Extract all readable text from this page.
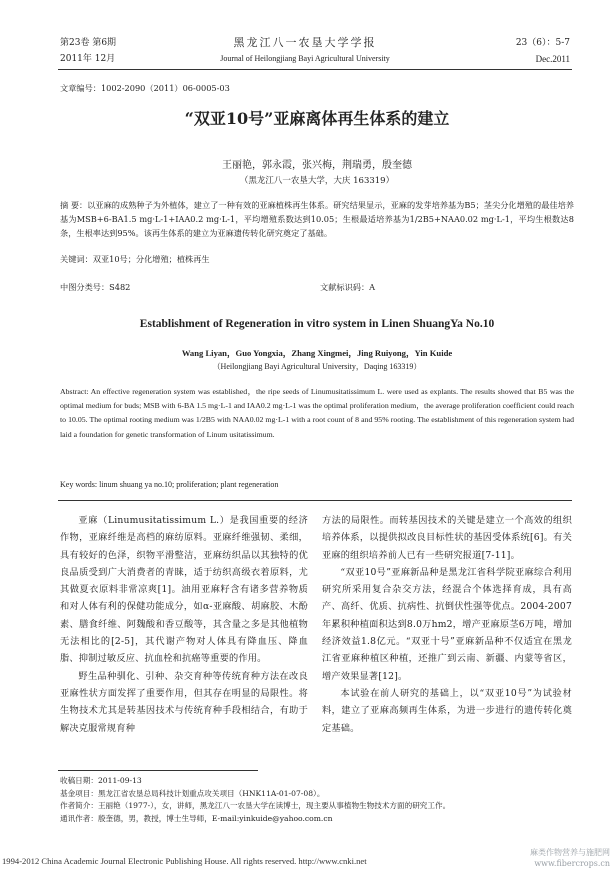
第23卷 第6期
2011年 12月
黑龙江八一农垦大学学报
Journal of Heilongjiang Bayi Agricultural University
23（6）：5-7
Dec.2011
文章编号：1002-2090（2011）06-0005-03
“双亚10号”亚麻离体再生体系的建立
王丽艳，郭永霞，张兴梅，荆瑞勇，殷奎德
（黑龙江八一农垦大学，大庆 163319）
摘 要：以亚麻的成熟种子为外植体，建立了一种有效的亚麻植株再生体系。研究结果显示，亚麻的发芽培养基为B5；茎尖分化增殖的最佳培养基为MSB+6-BA1.5 mg·L-1+IAA0.2 mg·L-1，平均增殖系数达到10.05；生根最适培养基为1/2B5+NAA0.02 mg·L-1，平均生根数达8条，生根率达到95%。该再生体系的建立为亚麻遗传转化研究奠定了基础。
关键词：双亚10号；分化增殖；植株再生
中图分类号：S482	文献标识码：A
Establishment of Regeneration in vitro system in Linen ShuangYa No.10
Wang Liyan，Guo Yongxia，Zhang Xingmei，Jing Ruiyong，Yin Kuide
（Heilongjiang Bayi Agricultural University，Daqing 163319）
Abstract: An effective regeneration system was established，the ripe seeds of Linumusitatissimum L. were used as explants. The results showed that B5 was the optimal medium for buds; MSB with 6-BA 1.5 mg·L-1 and IAA0.2 mg·L-1 was the optimal proliferation medium，the average proliferation coefficient could reach to 10.05. The optimal rooting medium was 1/2B5 with NAA0.02 mg·L-1 with a root count of 8 and 95% rooting. The establishment of this regeneration system had laid a foundation for genetic transformation of Linum usitatissimum.
Key words: linum shuang ya no.10; proliferation; plant regeneration
亚麻（Linumusitatissimum L.）是我国重要的经济作物，亚麻纤维是高档的麻纺原料。亚麻纤维强韧、柔细，具有较好的色泽，织物平滑整洁，亚麻纺织品以其独特的优良品质受到广大消费者的青睐，适于纺织高级衣着原料，尤其做夏衣原料非常凉爽[1]。油用亚麻籽含有诸多营养物质和对人体有利的保健功能成分，如α-亚麻酸、胡麻胶、木酚素、膳食纤维、阿魏酸和香豆酸等，其含量之多是其他植物无法相比的[2-5]，其代谢产物对人体具有降血压、降血脂、抑制过敏反应、抗血栓和抗癌等重要的作用。
野生品种驯化、引种、杂交育种等传统育种方法在改良亚麻性状方面发挥了重要作用，但其存在明显的局限性。将生物技术尤其是转基因技术与传统育种手段相结合，有助于解决克服常规育种
方法的局限性。而转基因技术的关键是建立一个高效的组织培养体系，以提供拟改良目标性状的基因受体系统[6]。有关亚麻的组织培养前人已有一些研究报道[7-11]。
“双亚10号”亚麻新品种是黑龙江省科学院亚麻综合利用研究所采用复合杂交方法，经混合个体选择育成，具有高产、高纤、优质、抗病性、抗倒伏性强等优点。2004-2007年累积种植面积达到8.0万hm2，增产亚麻原茎6万吨，增加经济效益1.8亿元。“双亚十号”亚麻新品种不仅适宜在黑龙江省亚麻种植区种植，还推广到云南、新疆、内蒙等省区，增产效果显著[12]。
本试验在前人研究的基础上，以“双亚10号”为试验材料，建立了亚麻高频再生体系，为进一步进行的遗传转化奠定基础。
收稿日期：2011-09-13
基金项目：黑龙江省农垦总局科技计划重点攻关项目（HNK11A-01-07-08）。
作者简介：王丽艳（1977-），女，讲师，黑龙江八一农垦大学在读博士，现主要从事植物生物技术方面的研究工作。
通讯作者：殷奎德，男，教授，博士生导师，E-mail:yinkuide@yahoo.com.cn
1994-2012 China Academic Journal Electronic Publishing House. All rights reserved. http://www.cnki.net
麻类作物营养与施肥网 www.fibercrops.cn
